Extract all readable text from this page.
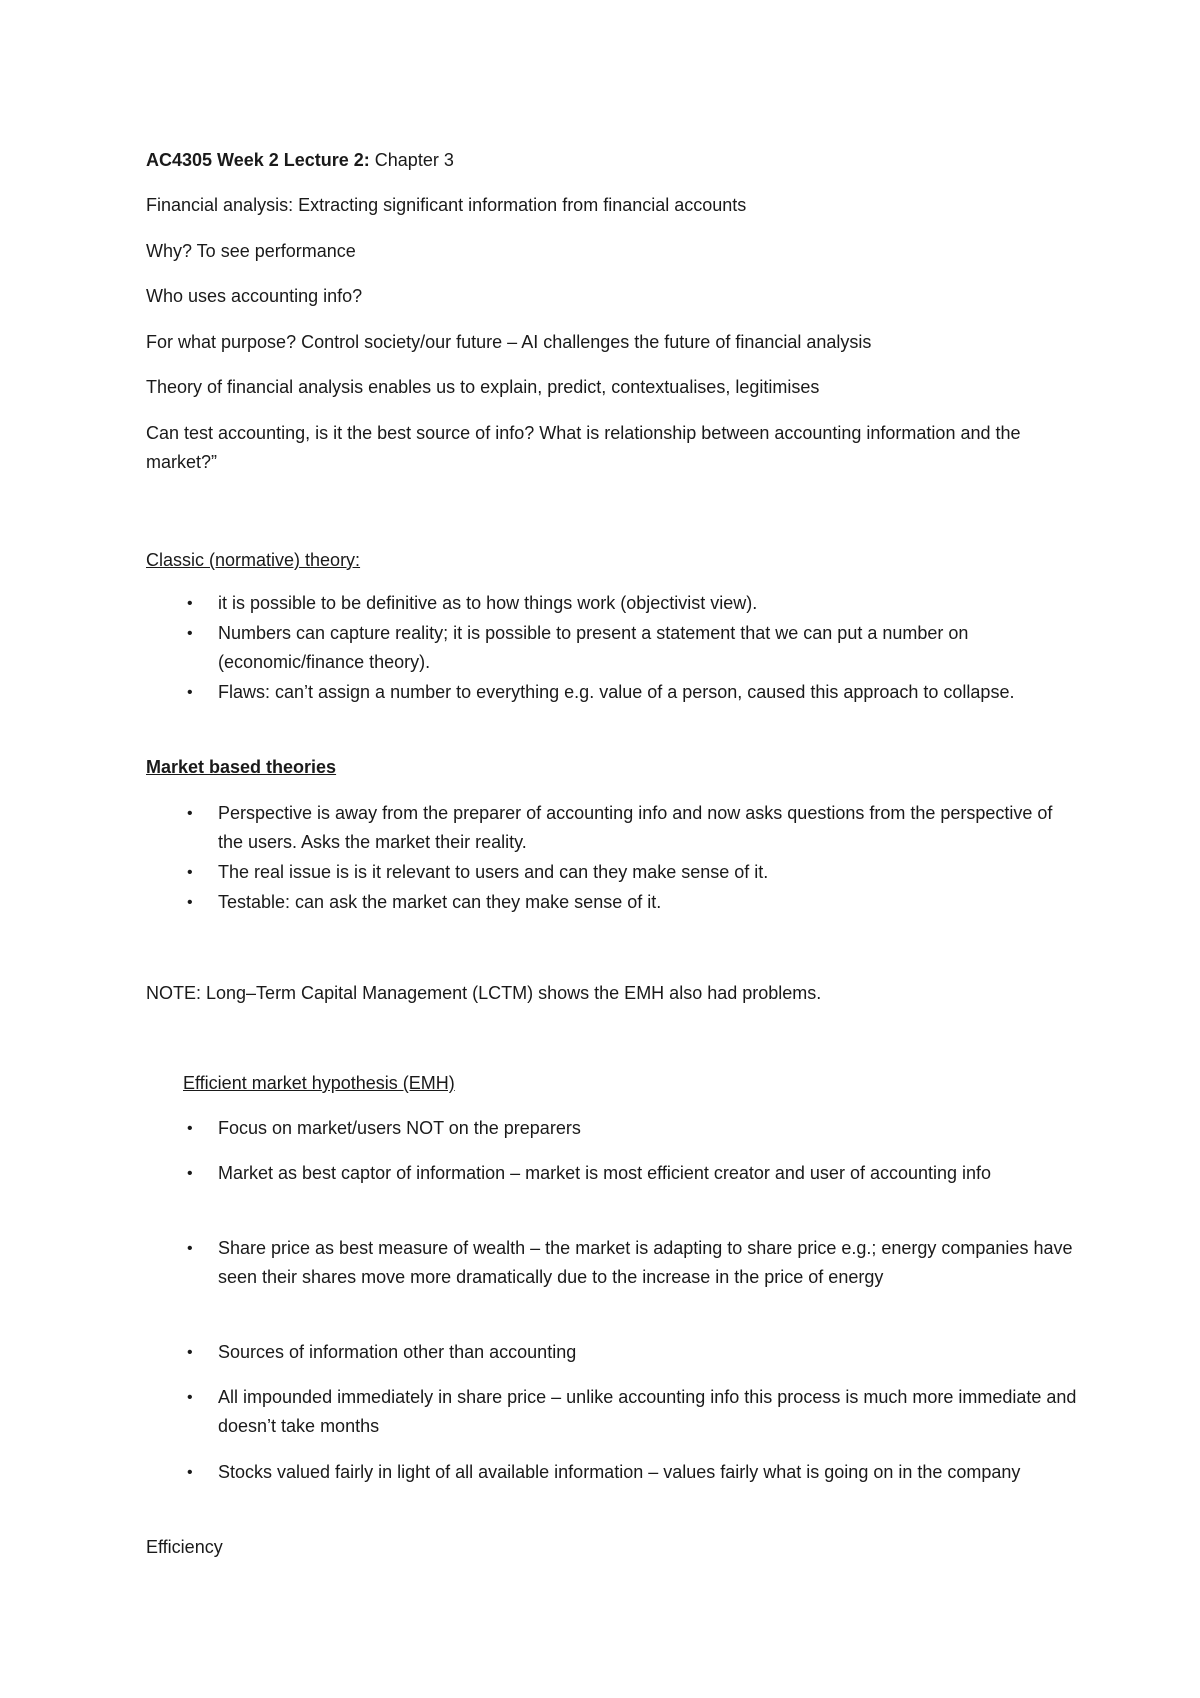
AC4305 Week 2 Lecture 2: Chapter 3

Financial analysis: Extracting significant information from financial accounts

Why? To see performance

Who uses accounting info?

For what purpose? Control society/our future – AI challenges the future of financial analysis

Theory of financial analysis enables us to explain, predict, contextualises, legitimises

Can test accounting, is it the best source of info? What is relationship between accounting information and the market?”

Classic (normative) theory:

• it is possible to be definitive as to how things work (objectivist view).

• Numbers can capture reality; it is possible to present a statement that we can put a number on (economic/finance theory).

• Flaws: can’t assign a number to everything e.g. value of a person, caused this approach to collapse.

Market based theories

• Perspective is away from the preparer of accounting info and now asks questions from the perspective of the users. Asks the market their reality.

• The real issue is is it relevant to users and can they make sense of it.

• Testable: can ask the market can they make sense of it.

NOTE: Long–Term Capital Management (LCTM) shows the EMH also had problems.

Efficient market hypothesis (EMH)

• Focus on market/users NOT on the preparers

• Market as best captor of information – market is most efficient creator and user of accounting info

• Share price as best measure of wealth – the market is adapting to share price e.g.; energy companies have seen their shares move more dramatically due to the increase in the price of energy

• Sources of information other than accounting

• All impounded immediately in share price – unlike accounting info this process is much more immediate and doesn’t take months

• Stocks valued fairly in light of all available information – values fairly what is going on in the company

Efficiency
